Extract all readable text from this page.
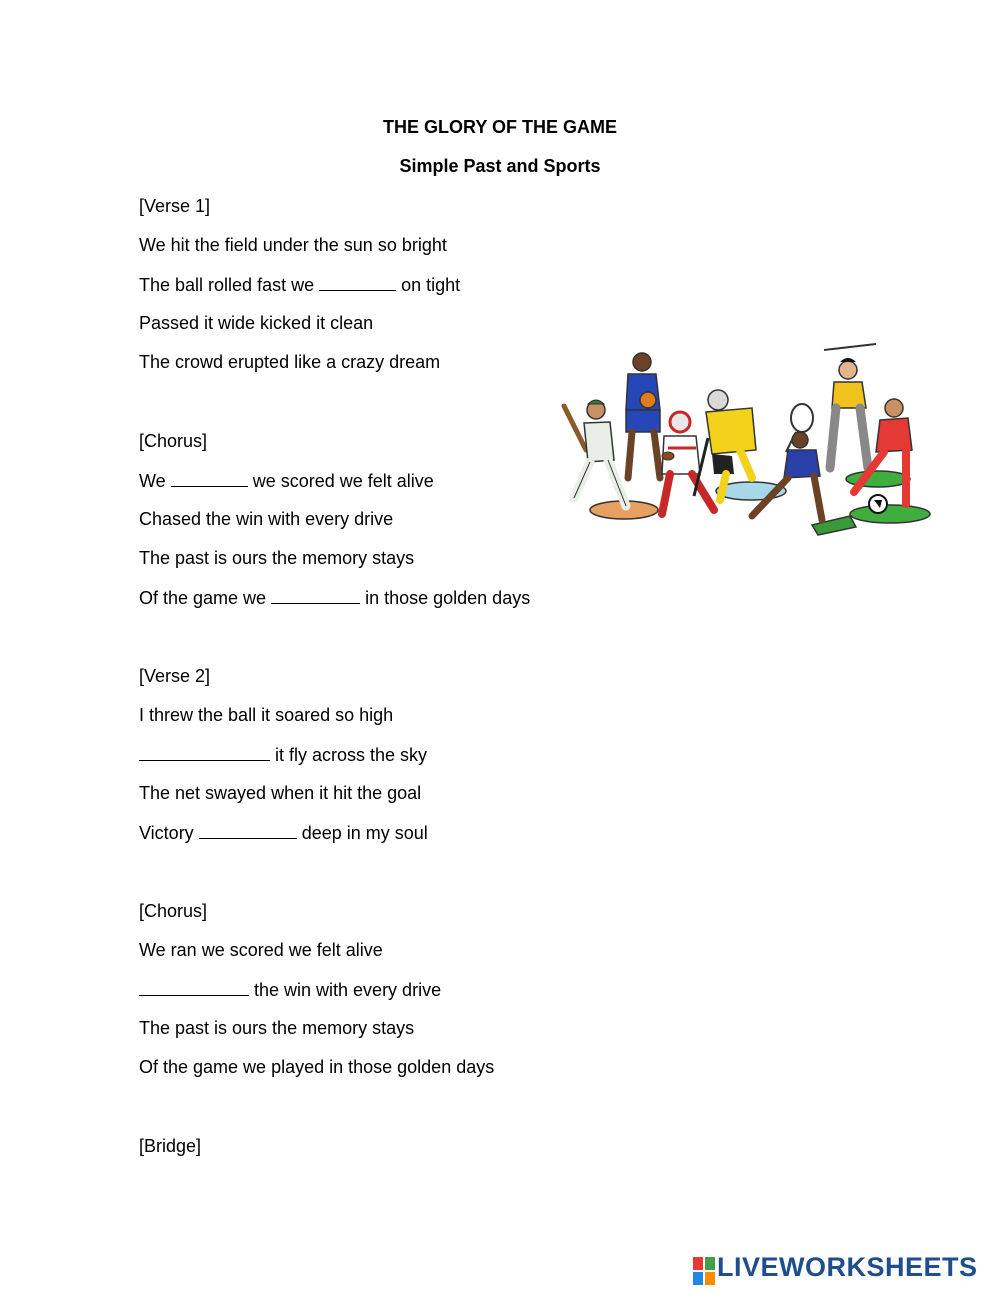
THE GLORY OF THE GAME
Simple Past and Sports
[Verse 1]
We hit the field under the sun so bright
The ball rolled fast we	on tight
Passed it wide kicked it clean
The crowd erupted like a crazy dream
[Chorus]
We	we scored we felt alive
Chased the win with every drive
The past is ours the memory stays
Of the game we	in those golden days
[Verse 2]
I threw the ball it soared so high
it fly across the sky
The net swayed when it hit the goal
Victory	deep in my soul
[Chorus]
We ran we scored we felt alive
the win with every drive
The past is ours the memory stays
Of the game we played in those golden days
[Bridge]
LIVEWORKSHEETS
